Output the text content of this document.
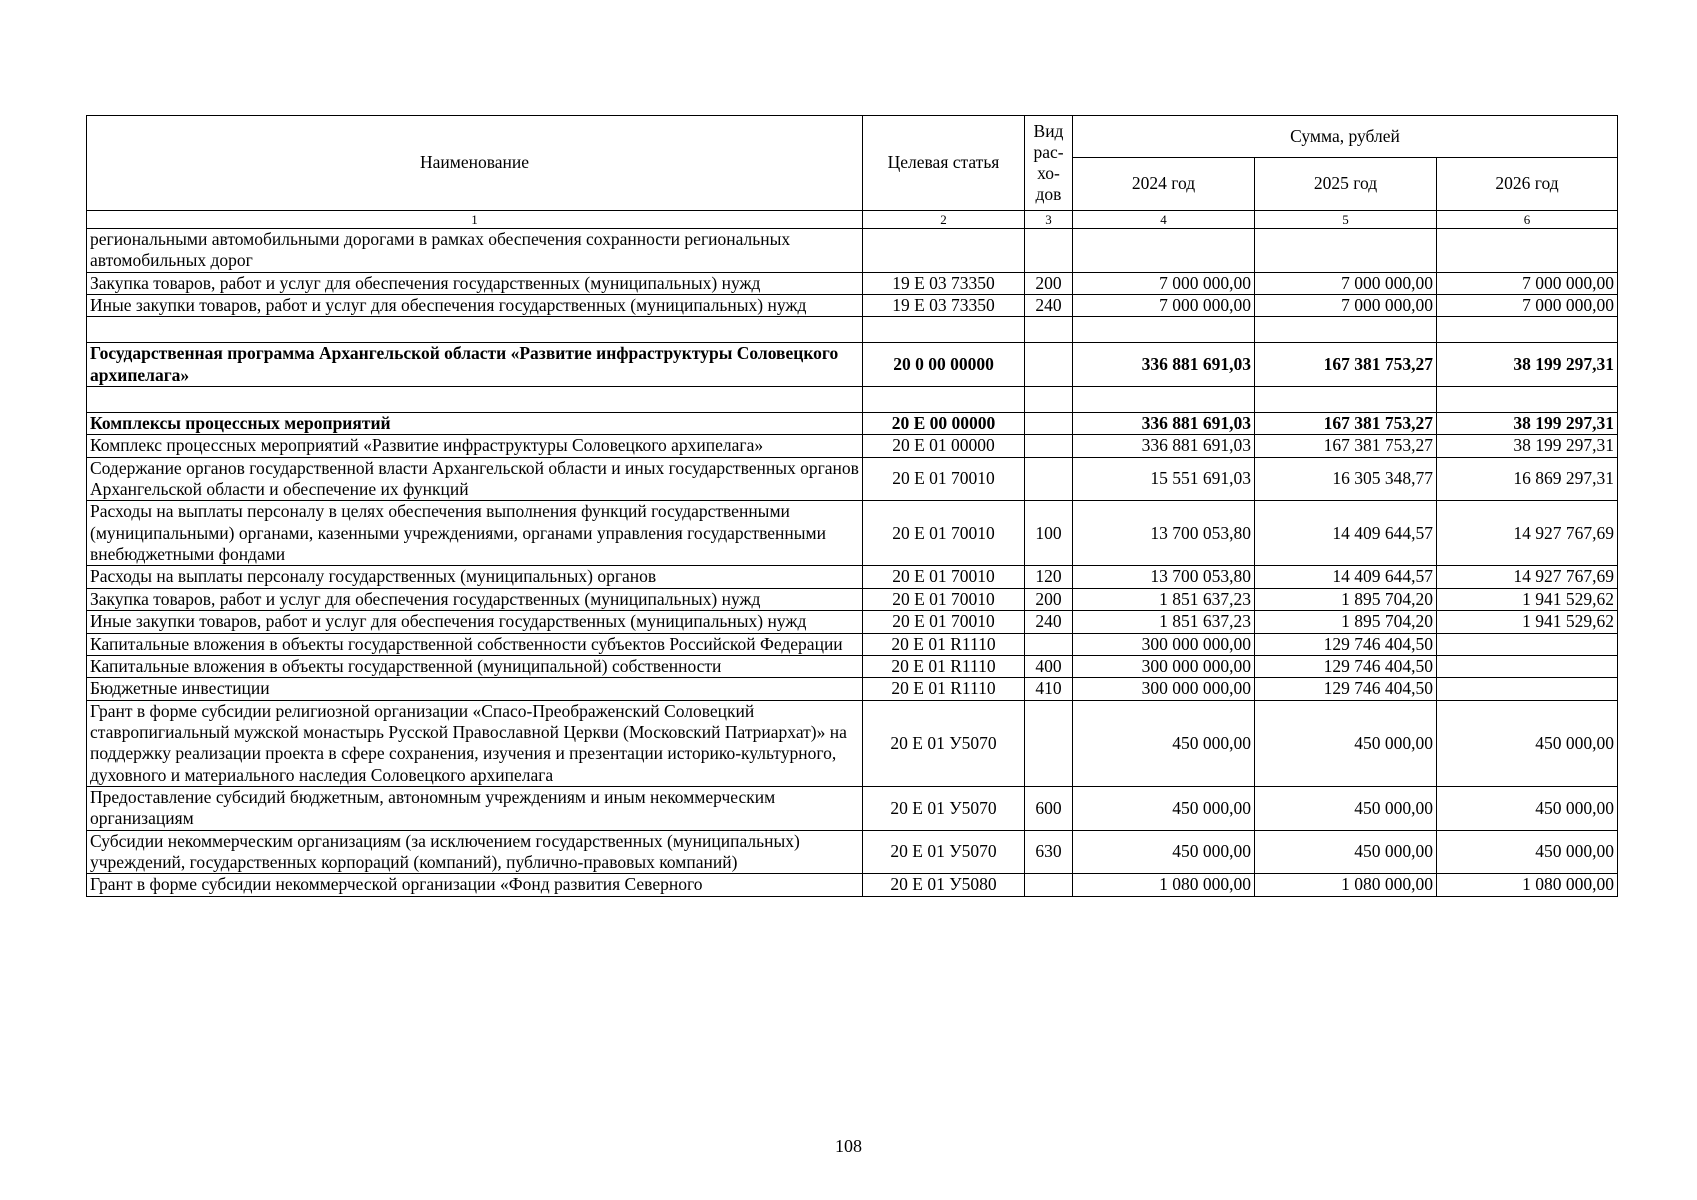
Наименование	Целевая статья	Вид
рас-
хо-
дов	Сумма, рублей		
			2024 год	2025 год	2026 год
1	2	3	4	5	6
региональными автомобильными дорогами в рамках обеспечения сохранности региональных автомобильных дорог					
Закупка товаров, работ и услуг для обеспечения государственных (муниципальных) нужд	19 Е 03 73350	200	7 000 000,00	7 000 000,00	7 000 000,00
Иные закупки товаров, работ и услуг для обеспечения государственных (муниципальных) нужд	19 Е 03 73350	240	7 000 000,00	7 000 000,00	7 000 000,00

Государственная программа Архангельской области «Развитие инфраструктуры Соловецкого архипелага»	20 0 00 00000		336 881 691,03	167 381 753,27	38 199 297,31

Комплексы процессных мероприятий	20 Е 00 00000		336 881 691,03	167 381 753,27	38 199 297,31
Комплекс процессных мероприятий «Развитие инфраструктуры Соловецкого архипелага»	20 Е 01 00000		336 881 691,03	167 381 753,27	38 199 297,31
Содержание органов государственной власти Архангельской области и иных государственных органов Архангельской области и обеспечение их функций	20 Е 01 70010		15 551 691,03	16 305 348,77	16 869 297,31
Расходы на выплаты персоналу в целях обеспечения выполнения функций государственными (муниципальными) органами, казенными учреждениями, органами управления государственными внебюджетными фондами	20 Е 01 70010	100	13 700 053,80	14 409 644,57	14 927 767,69
Расходы на выплаты персоналу государственных (муниципальных) органов	20 Е 01 70010	120	13 700 053,80	14 409 644,57	14 927 767,69
Закупка товаров, работ и услуг для обеспечения государственных (муниципальных) нужд	20 Е 01 70010	200	1 851 637,23	1 895 704,20	1 941 529,62
Иные закупки товаров, работ и услуг для обеспечения государственных (муниципальных) нужд	20 Е 01 70010	240	1 851 637,23	1 895 704,20	1 941 529,62
Капитальные вложения в объекты государственной собственности субъектов Российской Федерации	20 Е 01 R1110		300 000 000,00	129 746 404,50	
Капитальные вложения в объекты государственной (муниципальной) собственности	20 Е 01 R1110	400	300 000 000,00	129 746 404,50	
Бюджетные инвестиции	20 Е 01 R1110	410	300 000 000,00	129 746 404,50	
Грант в форме субсидии религиозной организации «Спасо-Преображенский Соловецкий ставропигиальный мужской монастырь Русской Православной Церкви (Московский Патриархат)» на поддержку реализации проекта в сфере сохранения, изучения и презентации историко-культурного, духовного и материального наследия Соловецкого архипелага	20 Е 01 У5070		450 000,00	450 000,00	450 000,00
Предоставление субсидий бюджетным, автономным учреждениям и иным некоммерческим организациям	20 Е 01 У5070	600	450 000,00	450 000,00	450 000,00
Субсидии некоммерческим организациям (за исключением государственных (муниципальных) учреждений, государственных корпораций (компаний), публично-правовых компаний)	20 Е 01 У5070	630	450 000,00	450 000,00	450 000,00
Грант в форме субсидии некоммерческой организации «Фонд развития Северного	20 Е 01 У5080		1 080 000,00	1 080 000,00	1 080 000,00
108
